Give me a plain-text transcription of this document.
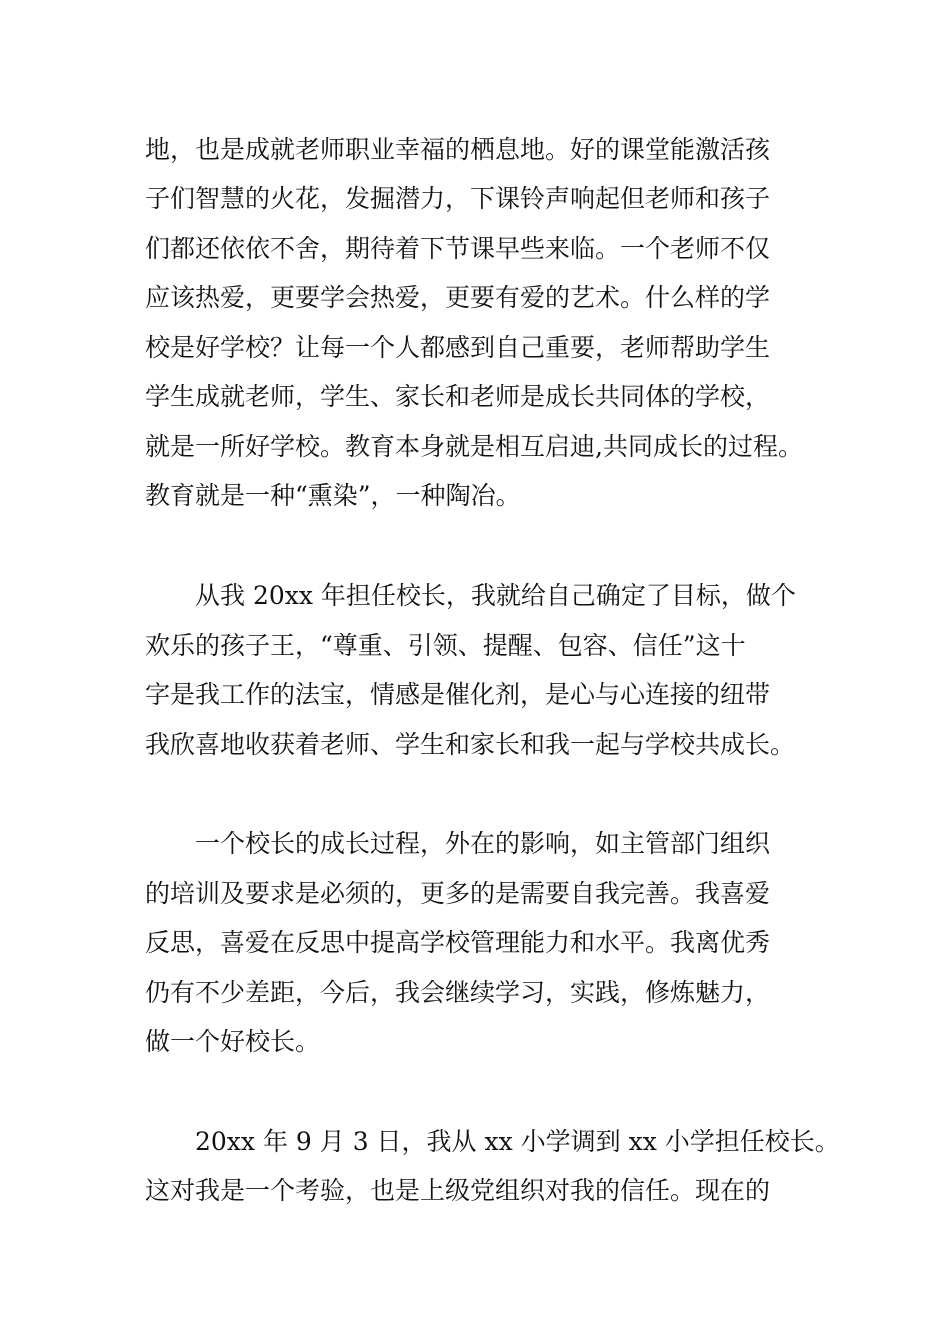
地，也是成就老师职业幸福的栖息地。好的课堂能激活孩
子们智慧的火花，发掘潜力，下课铃声响起但老师和孩子
们都还依依不舍，期待着下节课早些来临。一个老师不仅
应该热爱，更要学会热爱，更要有爱的艺术。什么样的学
校是好学校？让每一个人都感到自己重要，老师帮助学生
学生成就老师，学生、家长和老师是成长共同体的学校，
就是一所好学校。教育本身就是相互启迪,共同成长的过程。
教育就是一种“熏染”，一种陶冶。
从我 20xx 年担任校长，我就给自己确定了目标，做个
欢乐的孩子王，“尊重、引领、提醒、包容、信任”这十
字是我工作的法宝，情感是催化剂，是心与心连接的纽带
我欣喜地收获着老师、学生和家长和我一起与学校共成长。
一个校长的成长过程，外在的影响，如主管部门组织
的培训及要求是必须的，更多的是需要自我完善。我喜爱
反思，喜爱在反思中提高学校管理能力和水平。我离优秀
仍有不少差距，今后，我会继续学习，实践，修炼魅力，
做一个好校长。
20xx 年 9 月 3 日，我从 xx 小学调到 xx 小学担任校长。
这对我是一个考验，也是上级党组织对我的信任。现在的
